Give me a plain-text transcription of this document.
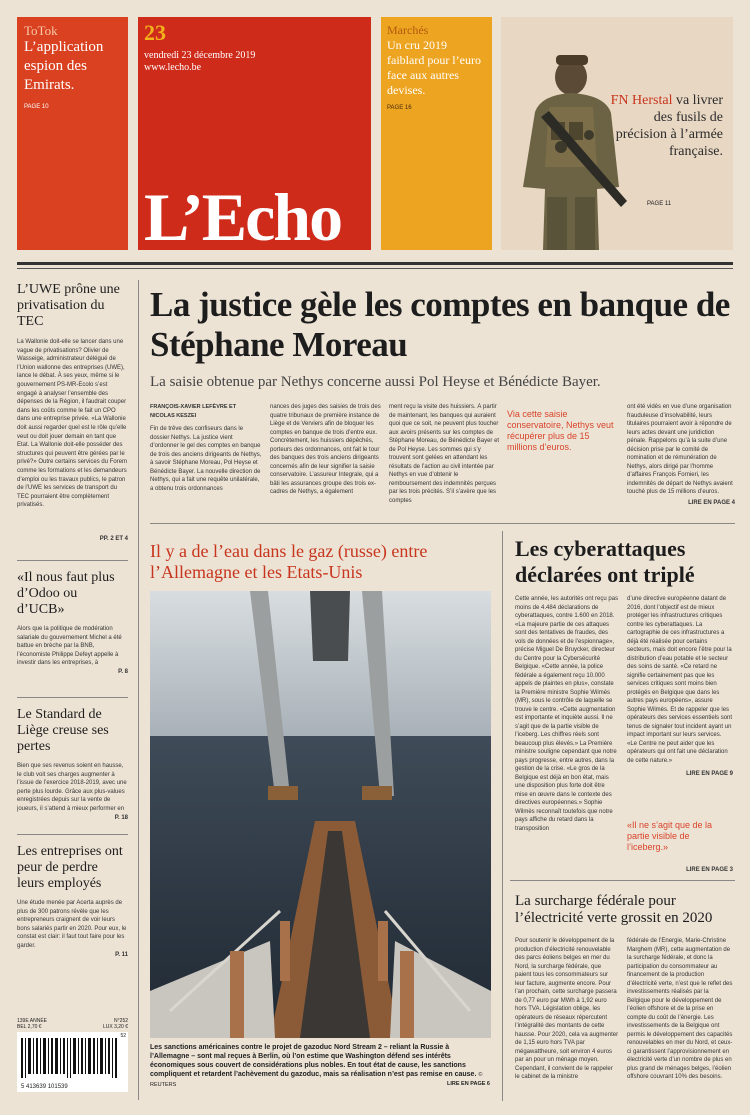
ToTok
L’application espion des Emirats.
PAGE 10
23
vendredi 23 décembre 2019
www.lecho.be
L’Echo
Marchés
Un cru 2019 faiblard pour l’euro face aux autres devises.
PAGE 16	FN Herstal va livrer des fusils de précision à l’armée française.
PAGE 11
L’UWE prône une privatisation du TEC
La Wallonie doit-elle se lancer dans une vague de privatisations? Olivier de Wasseige, administrateur délégué de l’Union wallonne des entreprises (UWE), lance le débat. À ses yeux, même si le gouvernement PS-MR-Ecolo s’est engagé à analyser l’ensemble des dépenses de la Région, il faudrait couper dans les coûts comme le fait un CPO dans une entreprise privée. «La Wallonie doit aussi regarder quel est le rôle qu’elle veut ou doit jouer demain en tant que Etat. La Wallonie doit-elle posséder des structures qui peuvent être gérées par le privé?» Outre certains services du Forem comme les formations et les demandeurs d’emploi ou les travaux publics, le patron de l’UWE les services de transport du TEC pourraient être complètement privatisés.
PP. 2 ET 4
«Il nous faut plus d’Odoo ou d’UCB»
Alors que la politique de modération salariale du gouvernement Michel a été battue en brèche par la BNB, l’économiste Philippe Defeyt appelle à investir dans les entreprises, à
P. 8
Le Standard de Liège creuse ses pertes
Bien que ses revenus soient en hausse, le club voit ses charges augmenter à l’issue de l’exercice 2018-2019, avec une perte plus lourde. Grâce aux plus-values enregistrées depuis sur la vente de joueurs, il s’attend à mieux performer en
P. 18
Les entreprises ont peur de perdre leurs employés
Une étude menée par Acerta auprès de plus de 300 patrons révèle que les entrepreneurs craignent de voir leurs bons salariés partir en 2020. Pour eux, le constat est clair: il faut tout faire pour les garder.
P. 11
139E ANNÉE	N°252
BEL 2,70 €	LUX 3,20 €
52
5 413639 101539
La justice gèle les comptes en banque de Stéphane Moreau
La saisie obtenue par Nethys concerne aussi Pol Heyse et Bénédicte Bayer.
FRANÇOIS-XAVIER LEFÈVRE ET NICOLAS KESZEI
Fin de trêve des confiseurs dans le dossier Nethys. La justice vient d’ordonner le gel des comptes en banque de trois des anciens dirigeants de Nethys, à savoir Stéphane Moreau, Pol Heyse et Bénédicte Bayer. La nouvelle direction de Nethys, qui a fait une requête unilatérale, a obtenu trois ordonnances
nances des juges des saisies de trois des quatre tribunaux de première instance de Liège et de Verviers afin de bloquer les comptes en banque de trois d’entre eux. Concrètement, les huissiers dépêchés, porteurs des ordonnances, ont fait le tour des banques des trois anciens dirigeants concernés afin de leur signifier la saisie conservatoire. L’assureur Integrale, qui a bâti les assurances groupe des trois ex-cadres de Nethys, a également
ment reçu la visite des huissiers. À partir de maintenant, les banques qui auraient quoi que ce soit, ne peuvent plus toucher aux avoirs présents sur les comptes de Stéphane Moreau, de Bénédicte Bayer et de Pol Heyse. Les sommes qui s’y trouvent sont gelées en attendant les résultats de l’action au civil intentée par Nethys en vue d’obtenir le remboursement des indemnités perçues par les trois précités. S’il s’avère que les comptes
Via cette saisie conservatoire, Nethys veut récupérer plus de 15 millions d’euros.
ont été vidés en vue d’une organisation frauduleuse d’insolvabilité, leurs titulaires pourraient avoir à répondre de leurs actes devant une juridiction pénale. Rappelons qu’à la suite d’une décision prise par le comité de nomination et de rémunération de Nethys, alors dirigé par l’homme d’affaires François Fornieri, les indemnités de départ de Nethys avaient touché plus de 15 millions d’euros.
LIRE EN PAGE 4
Il y a de l’eau dans le gaz (russe) entre l’Allemagne et les Etats-Unis
Les sanctions américaines contre le projet de gazoduc Nord Stream 2 – reliant la Russie à l’Allemagne – sont mal reçues à Berlin, où l’on estime que Washington défend ses intérêts économiques sous couvert de considérations plus nobles. En tout état de cause, les sanctions compliquent et retardent l’achèvement du gazoduc, mais sa réalisation n’est pas remise en cause. © REUTERS	LIRE EN PAGE 6
Les cyberattaques déclarées ont triplé
Cette année, les autorités ont reçu pas moins de 4.484 déclarations de cyberattaques, contre 1.600 en 2018. «La majeure partie de ces attaques sont des tentatives de fraudes, des vols de données et de l’espionnage», précise Miguel De Bruycker, directeur du Centre pour la Cybersécurité Belgique. «Cette année, la police fédérale a également reçu 10.000 appels de plaintes en plus», constate la Première ministre Sophie Wilmès (MR), sous le contrôle de laquelle se trouve le centre. «Cette augmentation est importante et inquiète aussi. Il ne s’agit que de la partie visible de l’iceberg. Les chiffres réels sont beaucoup plus élevés.» La Première ministre souligne cependant que notre pays progresse, entre autres, dans la gestion de la crise. «Le gros de la Belgique est déjà en bon état, mais une disposition plus forte doit être mise en œuvre dans le contexte des directives européennes.» Sophie Wilmès reconnaît toutefois que notre pays affiche du retard dans la transposition
d’une directive européenne datant de 2016, dont l’objectif est de mieux protéger les infrastructures critiques contre les cyberattaques. La cartographie de ces infrastructures a déjà été réalisée pour certains secteurs, mais doit encore l’être pour la distribution d’eau potable et le secteur des soins de santé. «Ce retard ne signifie certainement pas que les services critiques sont moins bien protégés en Belgique que dans les autres pays européens», assure Sophie Wilmès. Et de rappeler que les opérateurs des services essentiels sont tenus de signaler tout incident ayant un impact important sur leurs services. «Le Centre ne peut aider que les opérateurs qui ont fait une déclaration de cette nature.»
LIRE EN PAGE 9
«Il ne s’agit que de la partie visible de l’iceberg.»
LIRE EN PAGE 3
La surcharge fédérale pour l’électricité verte grossit en 2020
Pour soutenir le développement de la production d’électricité renouvelable des parcs éoliens belges en mer du Nord, la surcharge fédérale, que paient tous les consommateurs sur leur facture, augmente encore. Pour l’an prochain, cette surcharge passera de 0,77 euro par MWh à 1,92 euro hors TVA. Législation oblige, les opérateurs de réseaux répercutent l’intégralité des montants de cette hausse. Pour 2020, cela va augmenter de 1,15 euro hors TVA par mégawattheure, soit environ 4 euros par an pour un ménage moyen. Cependant, il convient de le rappeler le cabinet de la ministre
fédérale de l’Énergie, Marie-Christine Marghem (MR), cette augmentation de la surcharge fédérale, et donc la participation du consommateur au financement de la production d’électricité verte, n’est que le reflet des investissements réalisés par la Belgique pour le développement de l’éolien offshore et de la prise en compte du coût de l’énergie. Les investissements de la Belgique ont permis le développement des capacités renouvelables en mer du Nord, et ceux-ci garantissent l’approvisionnement en électricité verte d’un nombre de plus en plus grand de ménages belges, l’éolien offshore couvrant 10% des besoins.
